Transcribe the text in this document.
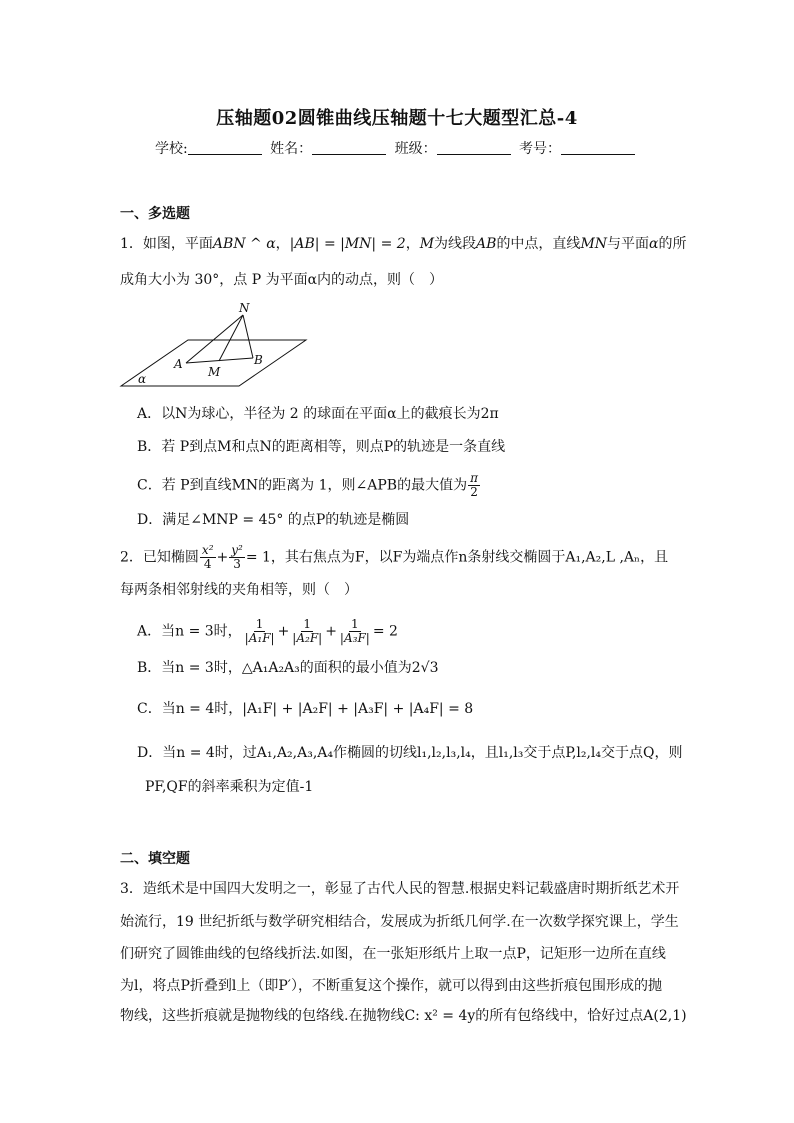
压轴题02圆锥曲线压轴题十七大题型汇总-4
学校:	姓名：	班级：	考号：
一、多选题
1．如图，平面ABN ^ α，|AB| = |MN| = 2，M为线段AB的中点，直线MN与平面α的所
成角大小为 30°，点 P 为平面α内的动点，则（　）
N
A	B
M
α
A．以N为球心，半径为 2 的球面在平面α上的截痕长为2π
B．若 P到点M和点N的距离相等，则点P的轨迹是一条直线
C．若 P到直线MN的距离为 1，则∠APB的最大值为 $\frac{\pi}{2}$
D．满足∠MNP = 45° 的点P的轨迹是椭圆
2．已知椭圆 $\frac{\text{x²}}{4} + \frac{\text{y²}}{3} = 1$，其右焦点为F，以F为端点作n条射线交椭圆于A₁,A₂,L ,Aₙ，且
每两条相邻射线的夹角相等，则（　）
A．当n = 3时， $\frac{1}{\text{|A₁F|}} + \frac{1}{\text{|A₂F|}} + \frac{1}{\text{|A₃F|}} = 2$
B．当n = 3时，△A₁A₂A₃的面积的最小值为2√3
C．当n = 4时，|A₁F| + |A₂F| + |A₃F| + |A₄F| = 8
D．当n = 4时，过A₁,A₂,A₃,A₄作椭圆的切线l₁,l₂,l₃,l₄，且l₁,l₃交于点P,l₂,l₄交于点Q，则
PF,QF的斜率乘积为定值-1
二、填空题
3．造纸术是中国四大发明之一，彰显了古代人民的智慧.根据史料记载盛唐时期折纸艺术开
始流行，19 世纪折纸与数学研究相结合，发展成为折纸几何学.在一次数学探究课上，学生
们研究了圆锥曲线的包络线折法.如图，在一张矩形纸片上取一点P，记矩形一边所在直线
为l，将点P折叠到l上（即P′），不断重复这个操作，就可以得到由这些折痕包围形成的抛
物线，这些折痕就是抛物线的包络线.在抛物线C: x² = 4y的所有包络线中，恰好过点A(2,1)
